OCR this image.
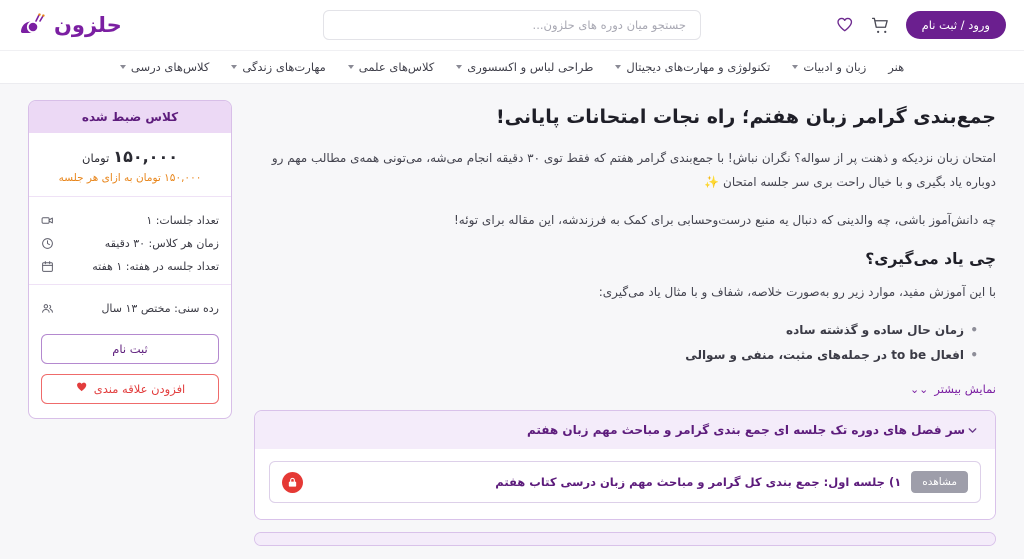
ورود / ثبت نام
جستجو میان دوره های حلزون...
حلزون
هنر
زبان و ادبیات
تکنولوژی و مهارت‌های دیجیتال
طراحی لباس و اکسسوری
کلاس‌های علمی
مهارت‌های زندگی
کلاس‌های درسی
جمع‌بندی گرامر زبان هفتم؛ راه نجات امتحانات پایانی!

امتحان زبان نزدیکه و ذهنت پر از سواله؟ نگران نباش! با جمع‌بندی گرامر هفتم که فقط توی ۳۰ دقیقه انجام می‌شه، می‌تونی همه‌ی مطالب مهم رو دوباره یاد بگیری و با خیال راحت بری سر جلسه امتحان ✨

چه دانش‌آموز باشی، چه والدینی که دنبال یه منبع درست‌وحسابی برای کمک به فرزندشه، این مقاله برای توئه!

چی یاد می‌گیری؟

با این آموزش مفید، موارد زیر رو به‌صورت خلاصه، شفاف و با مثال یاد می‌گیری:

• زمان حال ساده و گذشته ساده
• افعال to be در جمله‌های مثبت، منفی و سوالی
⌄⌄ نمایش بیشتر
سر فصل های دوره تک جلسه ای جمع بندی گرامر و مباحث مهم زبان هفتم
مشاهده
۱) جلسه اول: جمع بندی کل گرامر و مباحث مهم زبان درسی کتاب هفتم
کلاس ضبط شده
۱۵۰,۰۰۰تومان
۱۵۰,۰۰۰ تومان به ازای هر جلسه
تعداد جلسات: ۱
زمان هر کلاس: ۳۰ دقیقه
تعداد جلسه در هفته: ۱ هفته
رده سنی: مختص ۱۳ سال
ثبت نام
افزودن علاقه مندی
